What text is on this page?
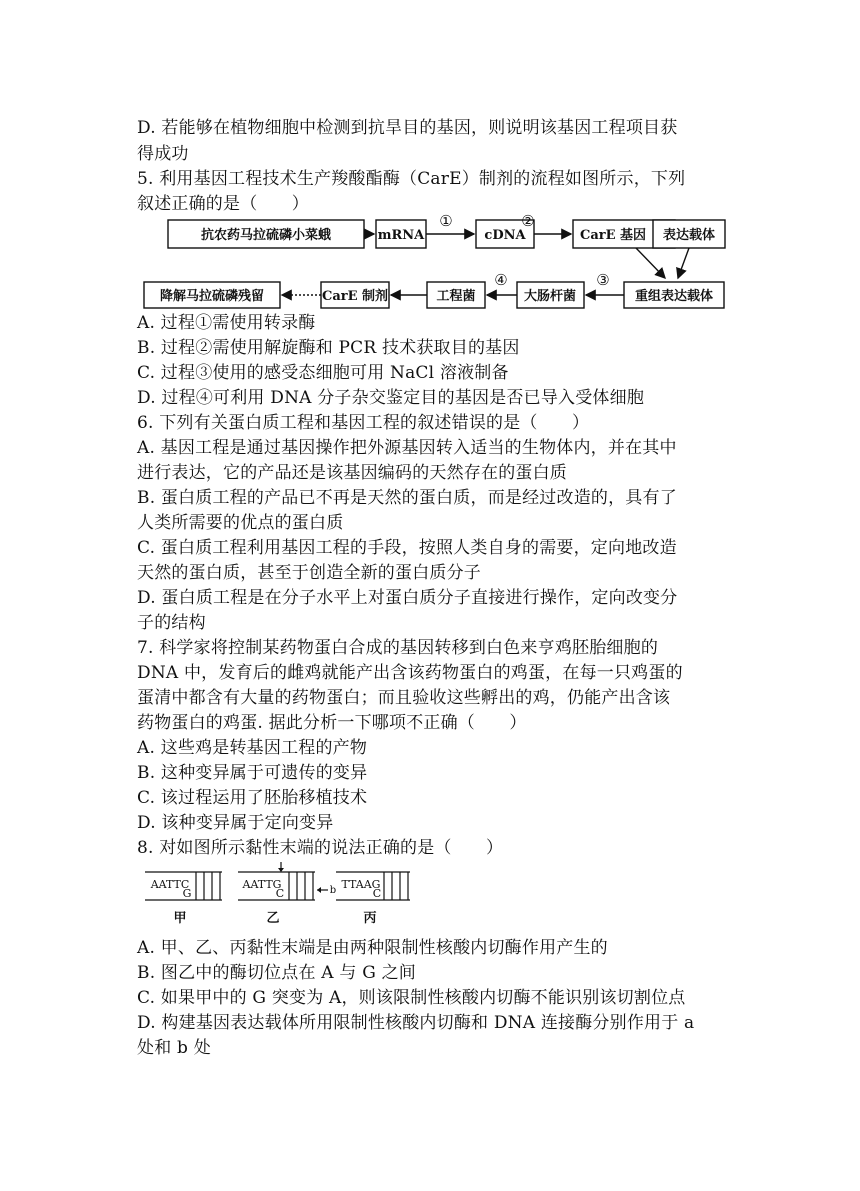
D. 若能够在植物细胞中检测到抗旱目的基因，则说明该基因工程项目获
得成功
5. 利用基因工程技术生产羧酸酯酶（CarE）制剂的流程如图所示，下列
叙述正确的是（　　）
抗农药马拉硫磷小菜蛾	mRNA	cDNA	CarE 基因 表达载体
重组表达载体
大肠杆菌
工程菌
CarE 制剂
降解马拉硫磷残留
①	②
③
④
A. 过程①需使用转录酶
B. 过程②需使用解旋酶和 PCR 技术获取目的基因
C. 过程③使用的感受态细胞可用 NaCl 溶液制备
D. 过程④可利用 DNA 分子杂交鉴定目的基因是否已导入受体细胞
6. 下列有关蛋白质工程和基因工程的叙述错误的是（　　）
A. 基因工程是通过基因操作把外源基因转入适当的生物体内，并在其中
进行表达，它的产品还是该基因编码的天然存在的蛋白质
B. 蛋白质工程的产品已不再是天然的蛋白质，而是经过改造的，具有了
人类所需要的优点的蛋白质
C. 蛋白质工程利用基因工程的手段，按照人类自身的需要，定向地改造
天然的蛋白质，甚至于创造全新的蛋白质分子
D. 蛋白质工程是在分子水平上对蛋白质分子直接进行操作，定向改变分
子的结构
7. 科学家将控制某药物蛋白合成的基因转移到白色来亨鸡胚胎细胞的
DNA 中，发育后的雌鸡就能产出含该药物蛋白的鸡蛋，在每一只鸡蛋的
蛋清中都含有大量的药物蛋白；而且验收这些孵出的鸡，仍能产出含该
药物蛋白的鸡蛋. 据此分析一下哪项不正确（　　）
A. 这些鸡是转基因工程的产物
B. 这种变异属于可遗传的变异
C. 该过程运用了胚胎移植技术
D. 该种变异属于定向变异
8. 对如图所示黏性末端的说法正确的是（　　）
AATTC
G
AATTG
C
TTAAG
C
b
甲	乙	丙
A. 甲、乙、丙黏性末端是由两种限制性核酸内切酶作用产生的
B. 图乙中的酶切位点在 A 与 G 之间
C. 如果甲中的 G 突变为 A，则该限制性核酸内切酶不能识别该切割位点
D. 构建基因表达载体所用限制性核酸内切酶和 DNA 连接酶分别作用于 a
处和 b 处
